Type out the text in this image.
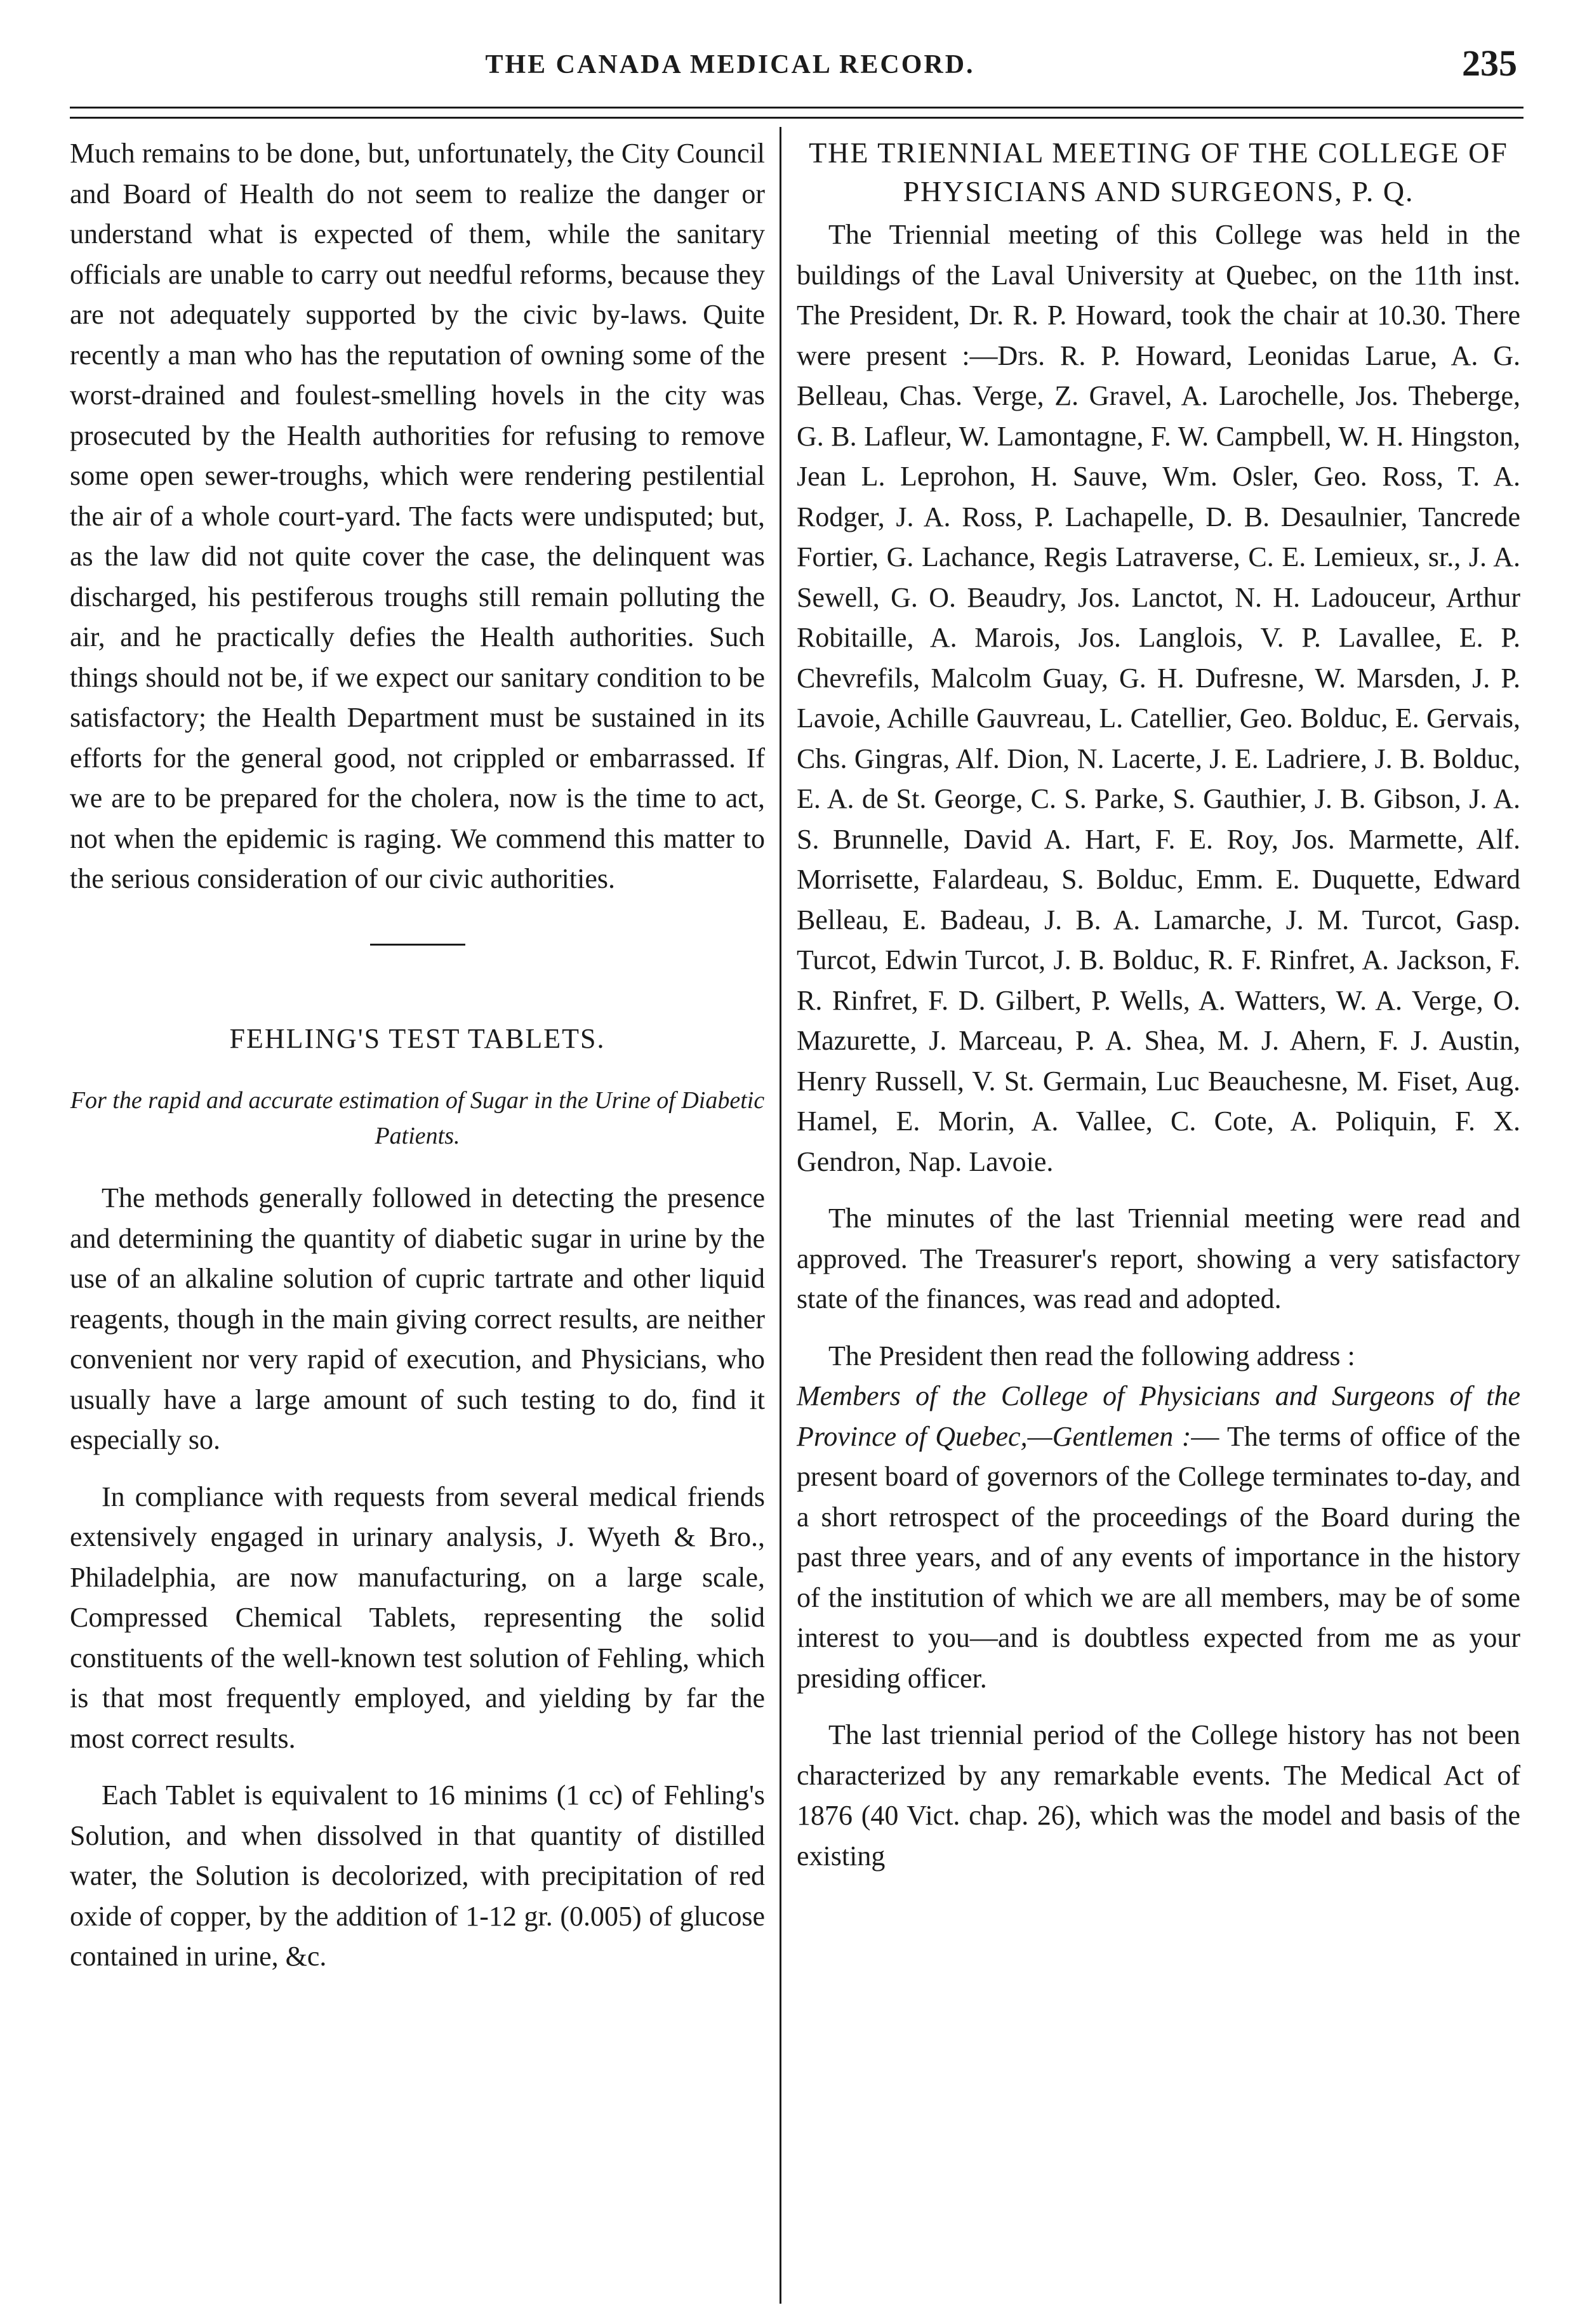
THE CANADA MEDICAL RECORD.	235

Much remains to be done, but, unfortunately, the City Council and Board of Health do not seem to realize the danger or understand what is expected of them, while the sanitary officials are unable to carry out needful reforms, because they are not adequately supported by the civic by-laws. Quite recently a man who has the reputation of owning some of the worst-drained and foulest-smelling hovels in the city was prosecuted by the Health authorities for refusing to remove some open sewer-troughs, which were rendering pestilential the air of a whole court-yard. The facts were undisputed; but, as the law did not quite cover the case, the delinquent was discharged, his pestiferous troughs still remain polluting the air, and he practically defies the Health authorities. Such things should not be, if we expect our sanitary condition to be satisfactory; the Health Department must be sustained in its efforts for the general good, not crippled or embarrassed. If we are to be prepared for the cholera, now is the time to act, not when the epidemic is raging. We commend this matter to the serious consideration of our civic authorities.

FEHLING'S TEST TABLETS.
For the rapid and accurate estimation of Sugar in the Urine of Diabetic Patients.

The methods generally followed in detecting the presence and determining the quantity of diabetic sugar in urine by the use of an alkaline solution of cupric tartrate and other liquid reagents, though in the main giving correct results, are neither convenient nor very rapid of execution, and Physicians, who usually have a large amount of such testing to do, find it especially so.

In compliance with requests from several medical friends extensively engaged in urinary analysis, J. Wyeth & Bro., Philadelphia, are now manufacturing, on a large scale, Compressed Chemical Tablets, representing the solid constituents of the well-known test solution of Fehling, which is that most frequently employed, and yielding by far the most correct results.

Each Tablet is equivalent to 16 minims (1 cc) of Fehling's Solution, and when dissolved in that quantity of distilled water, the Solution is decolorized, with precipitation of red oxide of copper, by the addition of 1-12 gr. (0.005) of glucose contained in urine, &c.

THE TRIENNIAL MEETING OF THE COLLEGE OF PHYSICIANS AND SURGEONS, P. Q.

The Triennial meeting of this College was held in the buildings of the Laval University at Quebec, on the 11th inst. The President, Dr. R. P. Howard, took the chair at 10.30. There were present :—Drs. R. P. Howard, Leonidas Larue, A. G. Belleau, Chas. Verge, Z. Gravel, A. Larochelle, Jos. Theberge, G. B. Lafleur, W. Lamontagne, F. W. Campbell, W. H. Hingston, Jean L. Leprohon, H. Sauve, Wm. Osler, Geo. Ross, T. A. Rodger, J. A. Ross, P. Lachapelle, D. B. Desaulnier, Tancrede Fortier, G. Lachance, Regis Latraverse, C. E. Lemieux, sr., J. A. Sewell, G. O. Beaudry, Jos. Lanctot, N. H. Ladouceur, Arthur Robitaille, A. Marois, Jos. Langlois, V. P. Lavallee, E. P. Chevrefils, Malcolm Guay, G. H. Dufresne, W. Marsden, J. P. Lavoie, Achille Gauvreau, L. Catellier, Geo. Bolduc, E. Gervais, Chs. Gingras, Alf. Dion, N. Lacerte, J. E. Ladriere, J. B. Bolduc, E. A. de St. George, C. S. Parke, S. Gauthier, J. B. Gibson, J. A. S. Brunnelle, David A. Hart, F. E. Roy, Jos. Marmette, Alf. Morrisette, Falardeau, S. Bolduc, Emm. E. Duquette, Edward Belleau, E. Badeau, J. B. A. Lamarche, J. M. Turcot, Gasp. Turcot, Edwin Turcot, J. B. Bolduc, R. F. Rinfret, A. Jackson, F. R. Rinfret, F. D. Gilbert, P. Wells, A. Watters, W. A. Verge, O. Mazurette, J. Marceau, P. A. Shea, M. J. Ahern, F. J. Austin, Henry Russell, V. St. Germain, Luc Beauchesne, M. Fiset, Aug. Hamel, E. Morin, A. Vallee, C. Cote, A. Poliquin, F. X. Gendron, Nap. Lavoie.

The minutes of the last Triennial meeting were read and approved. The Treasurer's report, showing a very satisfactory state of the finances, was read and adopted.

The President then read the following address :

Members of the College of Physicians and Surgeons of the Province of Quebec,—Gentlemen :— The terms of office of the present board of governors of the College terminates to-day, and a short retrospect of the proceedings of the Board during the past three years, and of any events of importance in the history of the institution of which we are all members, may be of some interest to you—and is doubtless expected from me as your presiding officer.

The last triennial period of the College history has not been characterized by any remarkable events. The Medical Act of 1876 (40 Vict. chap. 26), which was the model and basis of the existing
